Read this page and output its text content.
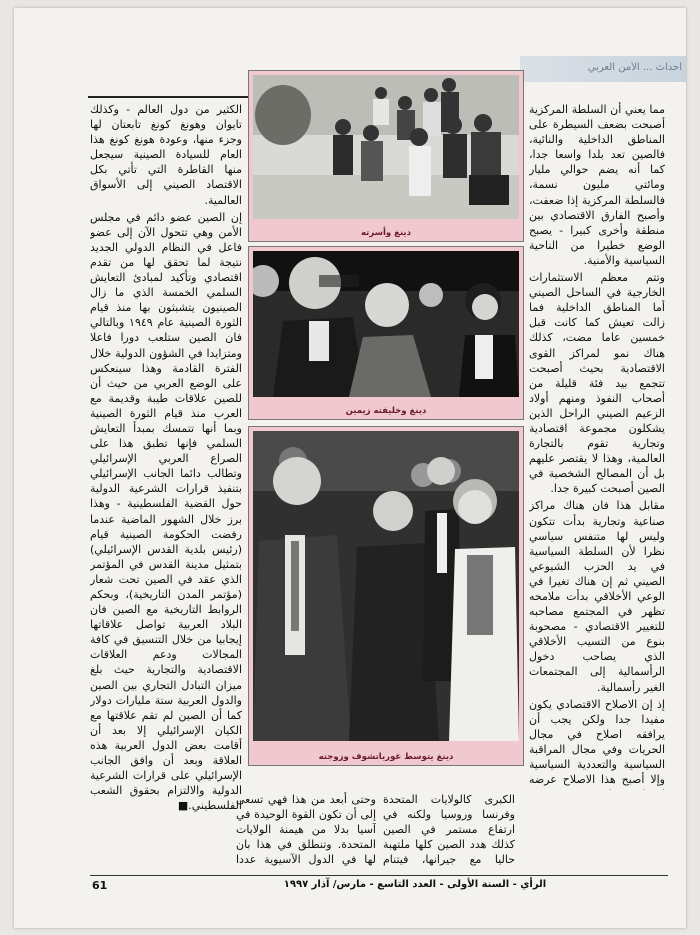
أحداث ... الأمن العربي

مما يعني أن السلطة المركزية أصبحت بضعف السيطرة على المناطق الداخلية والنائية، فالصين تعد بلدا واسعا جدا، كما أنه يضم حوالي مليار ومائتي مليون نسمة، فالسلطة المركزية إذا ضعفت، وأصبح الفارق الاقتصادي بين منطقة وأخرى كبيرا - يصبح الوضع خطيرا من الناحية السياسية والأمنية.

وتتم معظم الاستثمارات الخارجية في الساحل الصيني أما المناطق الداخلية فما زالت تعيش كما كانت قبل خمسين عاما مضت، كذلك هناك نمو لمراكز القوى الاقتصادية بحيث أصبحت تتجمع بيد فئة قليلة من أصحاب النفوذ ومنهم أولاد الزعيم الصيني الراحل الذين يشكلون مجموعة اقتصادية وتجارية تقوم بالتجارة العالمية، وهذا لا يقتصر عليهم بل أن المصالح الشخصية في الصين أصبحت كبيرة جدا.

مقابل هذا فان هناك مراكز صناعية وتجارية بدأت تتكون وليس لها متنفس سياسي نظرا لأن السلطة السياسية في يد الحزب الشيوعي الصيني ثم إن هناك تغيرا في الوعي الأخلاقي بدأت ملامحه تظهر في المجتمع مصاحبه للتغيير الاقتصادي - مصحوبة بنوع من التسيب الأخلاقي الذي يصاحب دخول الرأسمالية إلى المجتمعات الغير رأسمالية.

إذ إن الاصلاح الاقتصادي يكون مفيدا جدا ولكن يجب أن يرافقه اصلاح في مجال الحريات وفي مجال المراقبة السياسية والتعددية السياسية وإلا أصبح هذا الاصلاح عرضه

الكثير من دول العالم - وكذلك تايوان وهونغ كونغ تابعتان لها وجزء منها، وعودة هونغ كونغ هذا العام للسيادة الصينية سيجعل منها القاطرة التي تأتي بكل الاقتصاد الصيني إلى الأسواق العالمية.

إن الصين عضو دائم في مجلس الأمن وهي تتحول الآن إلى عضو فاعل في النظام الدولي الجديد نتيجة لما تحقق لها من تقدم اقتصادي وتأكيد لمبادئ التعايش السلمي الخمسة الذي ما زال الصينيون يتشبثون بها منذ قيام الثورة الصينية عام ١٩٤٩ وبالتالي فان الصين ستلعب دورا فاعلا ومتزايدا في الشؤون الدولية خلال الفترة القادمة وهذا سينعكس على الوضع العربي من حيث أن للصين علاقات طيبة وقديمة مع العرب منذ قيام الثورة الصينية وبما أنها تتمسك بمبدأ التعايش السلمي فإنها تطبق هذا على الصراع العربي الإسرائيلي وتطالب دائما الجانب الإسرائيلي بتنفيذ قرارات الشرعية الدولية حول القضية الفلسطينية - وهذا برز خلال الشهور الماضية عندما رفضت الحكومة الصينية قيام (رئيس بلدية القدس الإسرائيلي) بتمثيل مدينة القدس في المؤتمر الذي عقد في الصين تحت شعار (مؤتمر المدن التاريخية)، وبحكم الروابط التاريخية مع الصين فان البلاد العربية تواصل علاقاتها إيجابيا من خلال التنسيق في كافة المجالات ودعم العلاقات الاقتصادية والتجارية حيث بلغ ميزان التبادل التجاري بين الصين والدول العربية ستة مليارات دولار كما أن الصين لم تقم علاقتها مع الكيان الإسرائيلي إلا بعد أن أقامت بعض الدول العربية هذه العلاقة وبعد أن وافق الجانب الإسرائيلي على قرارات الشرعية الدولية والالتزام بحقوق الشعب الفلسطيني.■	الكبرى كالولايات المتحدة وفرنسا وروسيا ولكنه في ارتفاع مستمر في الصين كذلك هدد الصين كلها ملتهبة حاليا مع جيرانها، فيتنام

وحتى أبعد من هذا فهي تسعى إلى أن تكون القوة الوحيدة في آسيا بدلا من هيمنة الولايات المتحدة. وتنطلق في هذا بان لها في الدول الآسيوية عددا

دينغ وأسرته
دينغ وخليفته زيمين
دينغ يتوسط غورباتشوف وزوجته
الرأي - السنة الأولى - العدد التاسع - مارس/ آذار ١٩٩٧
61
